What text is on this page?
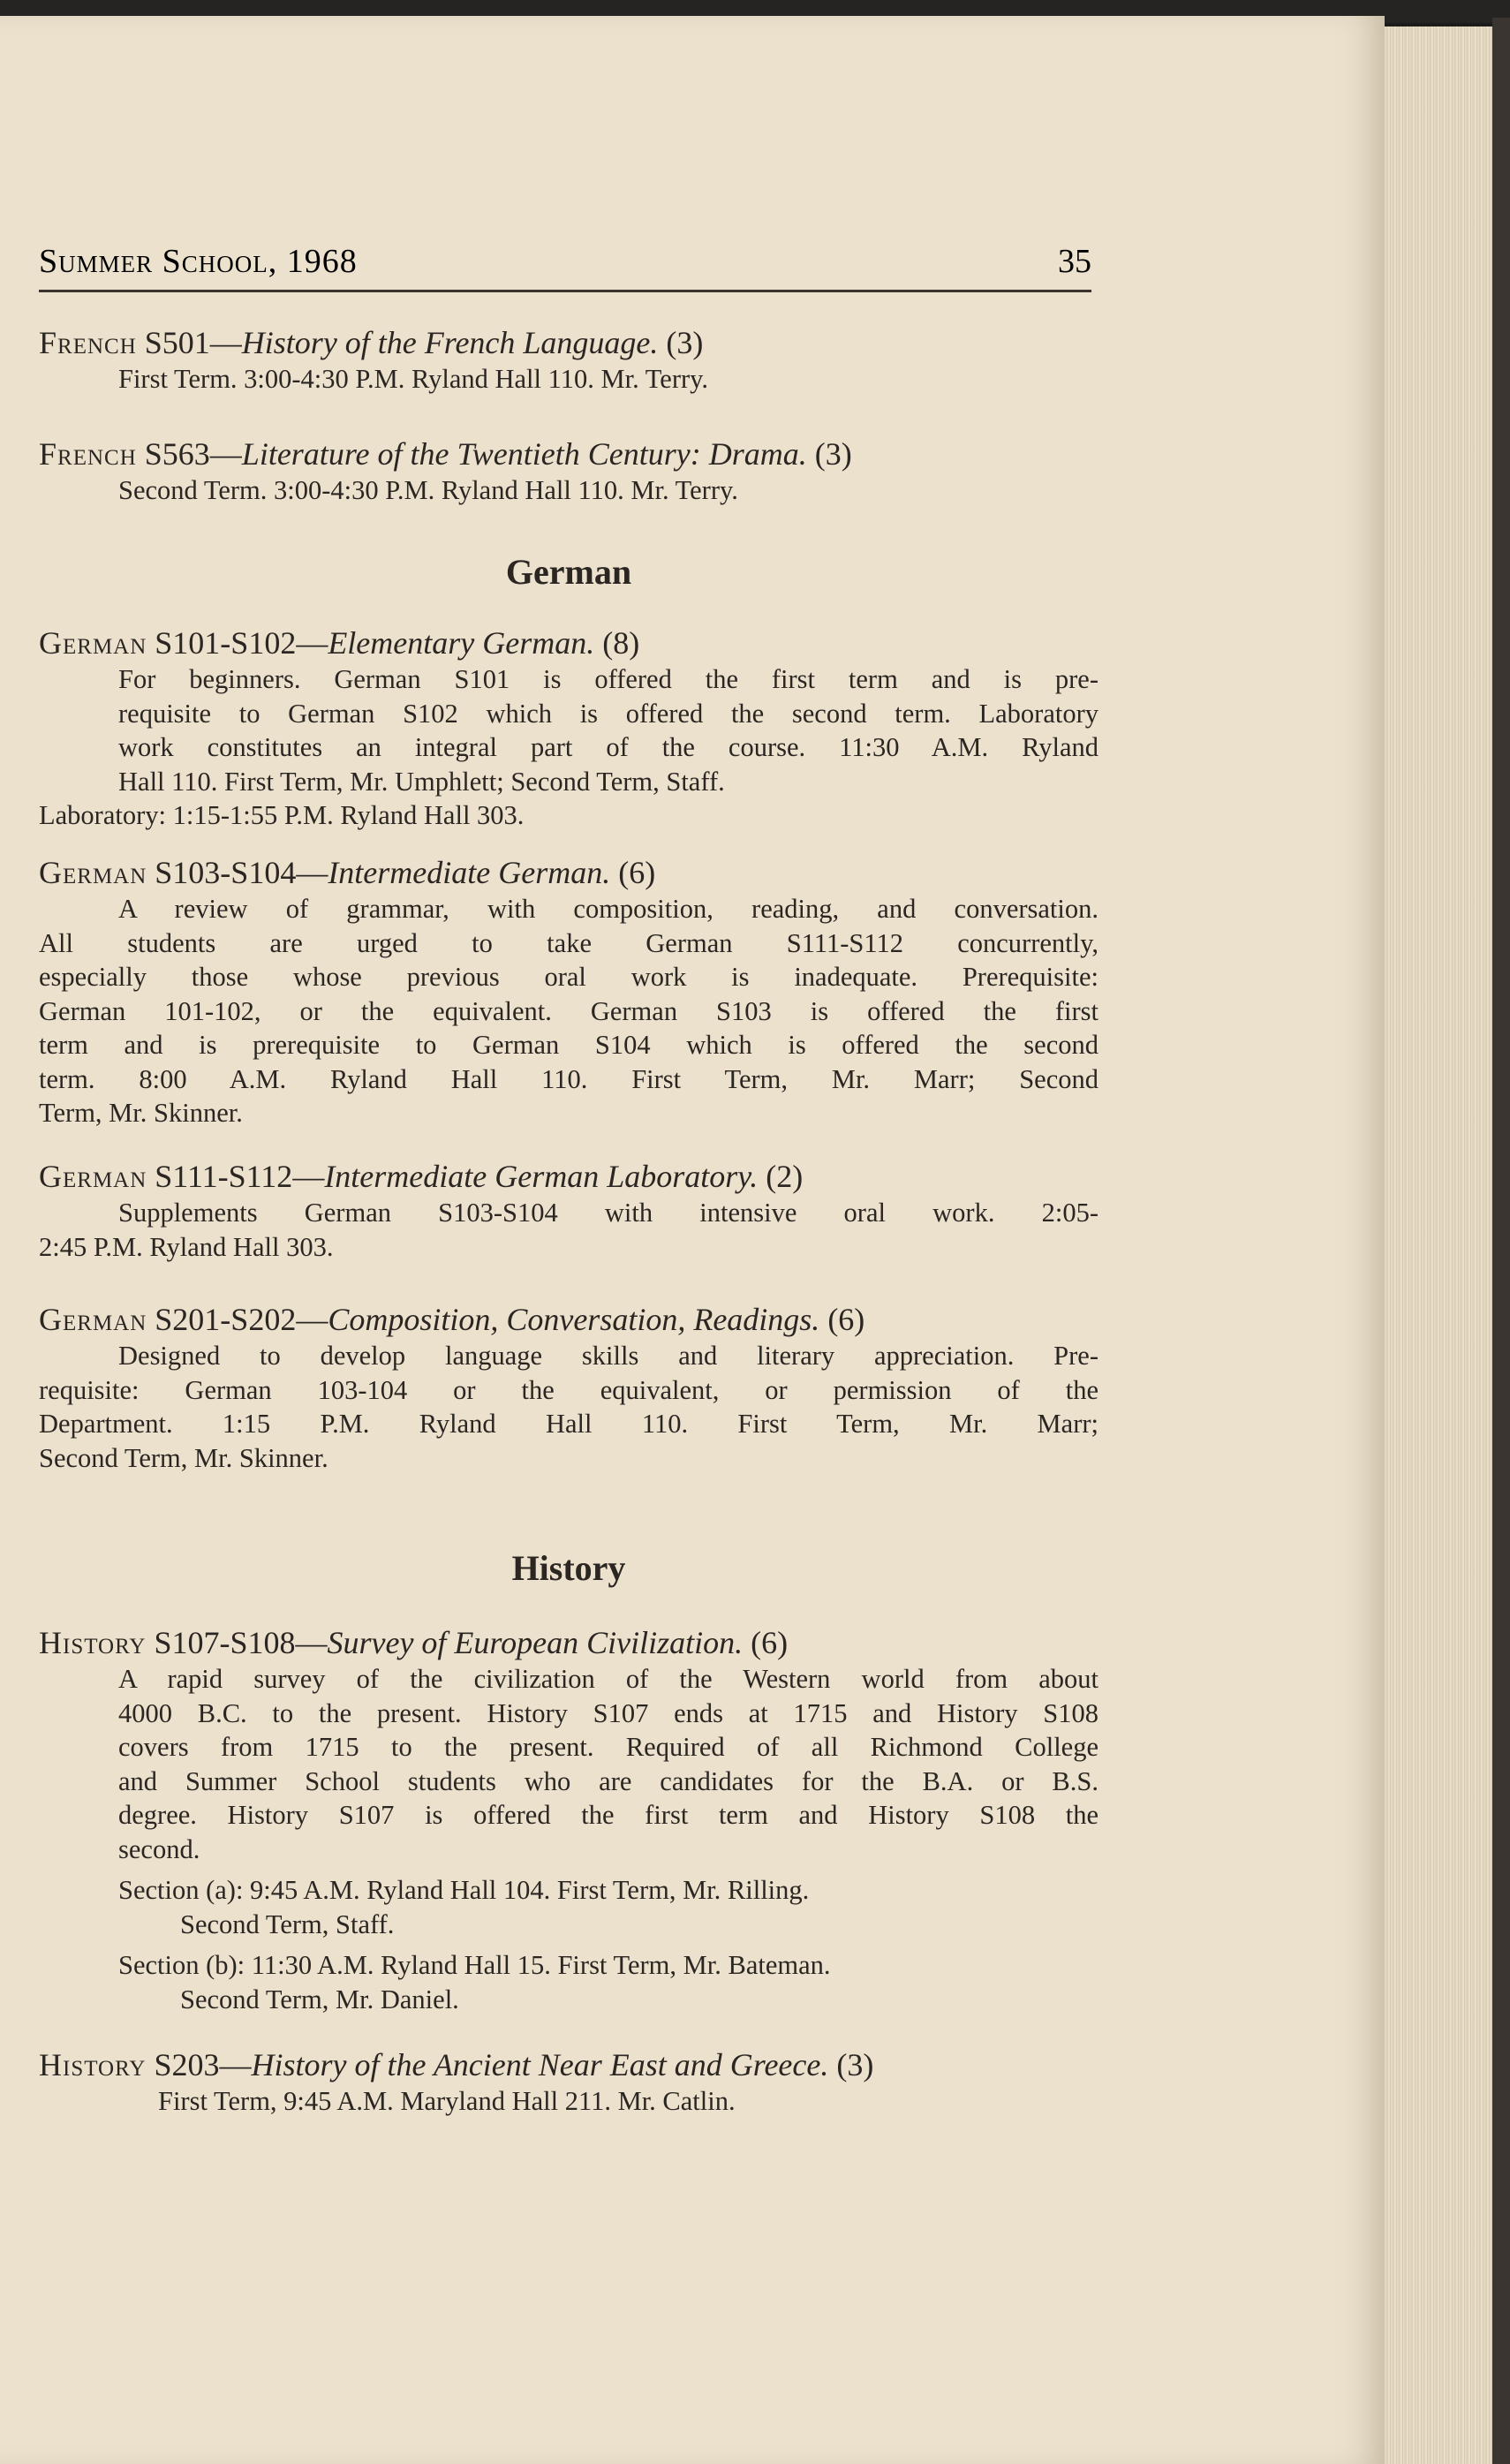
Summer School, 1968	35
French S501—History of the French Language. (3)
First Term. 3:00-4:30 P.M. Ryland Hall 110. Mr. Terry.
French S563—Literature of the Twentieth Century: Drama. (3)
Second Term. 3:00-4:30 P.M. Ryland Hall 110. Mr. Terry.
German
German S101-S102—Elementary German. (8)
For beginners. German S101 is offered the first term and is pre-
requisite to German S102 which is offered the second term. Laboratory
work constitutes an integral part of the course. 11:30 A.M. Ryland
Hall 110. First Term, Mr. Umphlett; Second Term, Staff.
Laboratory: 1:15-1:55 P.M. Ryland Hall 303.
German S103-S104—Intermediate German. (6)
A review of grammar, with composition, reading, and conversation.
All students are urged to take German S111-S112 concurrently,
especially those whose previous oral work is inadequate. Prerequisite:
German 101-102, or the equivalent. German S103 is offered the first
term and is prerequisite to German S104 which is offered the second
term. 8:00 A.M. Ryland Hall 110. First Term, Mr. Marr; Second
Term, Mr. Skinner.
German S111-S112—Intermediate German Laboratory. (2)
Supplements German S103-S104 with intensive oral work. 2:05-
2:45 P.M. Ryland Hall 303.
German S201-S202—Composition, Conversation, Readings. (6)
Designed to develop language skills and literary appreciation. Pre-
requisite: German 103-104 or the equivalent, or permission of the
Department. 1:15 P.M. Ryland Hall 110. First Term, Mr. Marr;
Second Term, Mr. Skinner.
History
History S107-S108—Survey of European Civilization. (6)
A rapid survey of the civilization of the Western world from about
4000 B.C. to the present. History S107 ends at 1715 and History S108
covers from 1715 to the present. Required of all Richmond College
and Summer School students who are candidates for the B.A. or B.S.
degree. History S107 is offered the first term and History S108 the
second.
Section (a): 9:45 A.M. Ryland Hall 104. First Term, Mr. Rilling.
Second Term, Staff.
Section (b): 11:30 A.M. Ryland Hall 15. First Term, Mr. Bateman.
Second Term, Mr. Daniel.
History S203—History of the Ancient Near East and Greece. (3)
First Term, 9:45 A.M. Maryland Hall 211. Mr. Catlin.
